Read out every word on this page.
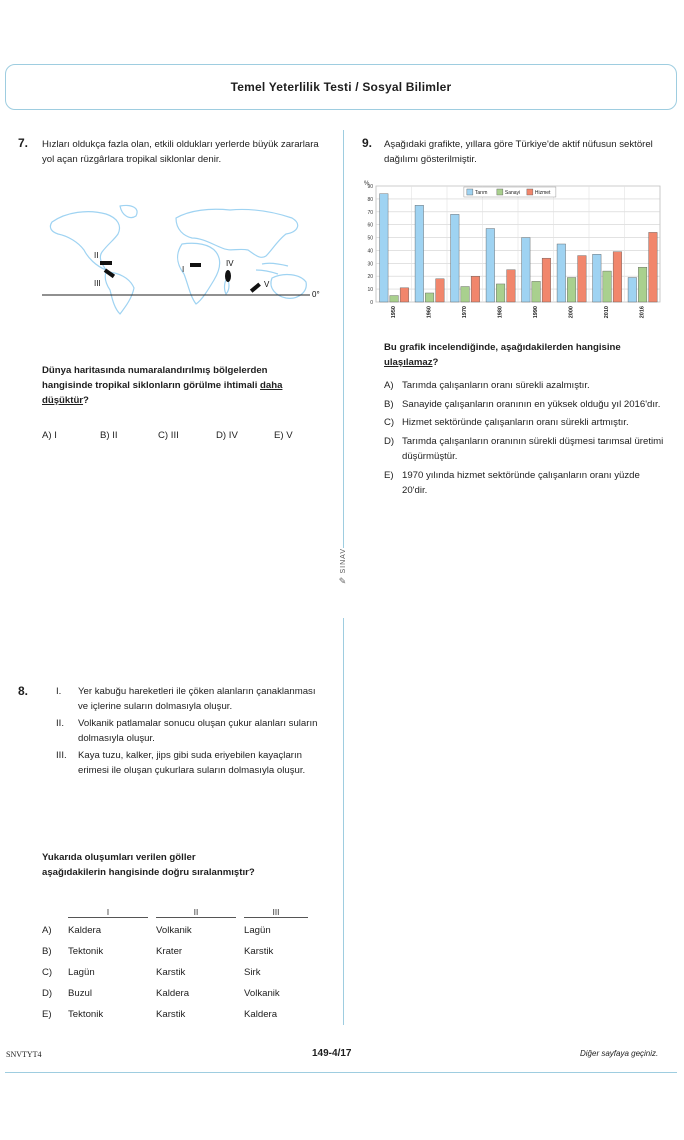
Temel Yeterlilik Testi / Sosyal Bilimler
SINAV
✎
7. Hızları oldukça fazla olan, etkili oldukları yerlerde büyük zararlara yol açan rüzgârlara tropikal siklonlar denir.
II
III
I
IV
V
0°
Dünya haritasında numaralandırılmış bölgelerden hangisinde tropikal siklonların görülme ihtimali daha düşüktür?
A) I	B) II	C) III	D) IV	E) V
8.	I.	Yer kabuğu hareketleri ile çöken alanların çanaklanması ve içlerine suların dolmasıyla oluşur.
II.	Volkanik patlamalar sonucu oluşan çukur alanları suların dolmasıyla oluşur.
III.	Kaya tuzu, kalker, jips gibi suda eriyebilen kayaçların erimesi ile oluşan çukurlara suların dolmasıyla oluşur.
Yukarıda oluşumları verilen göller aşağıdakilerin hangisinde doğru sıralanmıştır?

	I	II	III

A)	Kaldera	Volkanik	Lagün
B)	Tektonik	Krater	Karstik
C)	Lagün	Karstik	Sirk
D)	Buzul	Kaldera	Volkanik
E)	Tektonik	Karstik	Kaldera
9. Aşağıdaki grafikte, yıllara göre Türkiye'de aktif nüfusun sektörel dağılımı gösterilmiştir.
0
10
20
30
40
50
60
70
80
90
%
1950	1960	1970	1980	1990	2000	2010	2016
Tarım	Sanayi	Hizmet
Bu grafik incelendiğinde, aşağıdakilerden hangisine ulaşılamaz?
A) Tarımda çalışanların oranı sürekli azalmıştır.
B) Sanayide çalışanların oranının en yüksek olduğu yıl 2016'dır.
C) Hizmet sektöründe çalışanların oranı sürekli artmıştır.
D) Tarımda çalışanların oranının sürekli düşmesi tarımsal üretimi düşürmüştür.
E) 1970 yılında hizmet sektöründe çalışanların oranı yüzde 20'dir.
SNVTYT4	149-4/17	Diğer sayfaya geçiniz.
